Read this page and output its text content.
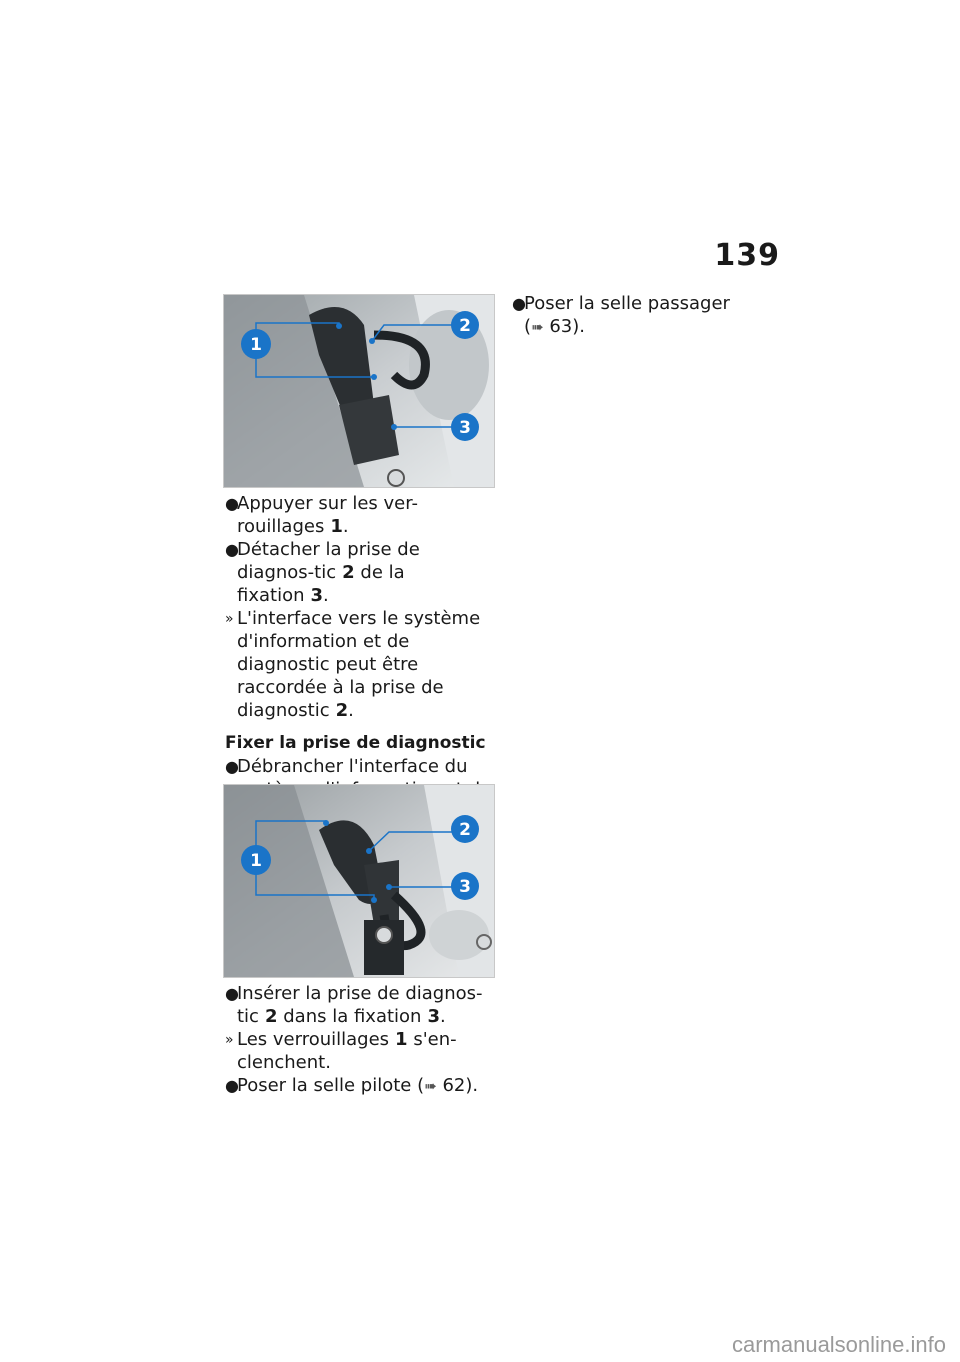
139
1
2
3
●
Appuyer sur les ver-rouillages 1.
●
Détacher la prise de diagnos-tic 2 de la fixation 3.
» L'interface vers le système d'information et de diagnostic peut être raccordée à la prise de diagnostic 2.
Fixer la prise de diagnostic
●
Débrancher l'interface du
1
2
3
●
Insérer la prise de diagnos-tic 2 dans la fixation 3.
» Les verrouillages 1 s'en-clenchent.
●
Poser la selle pilote (➠ 62).
●
Poser la selle passager (➠ 63).
carmanualsonline.info
